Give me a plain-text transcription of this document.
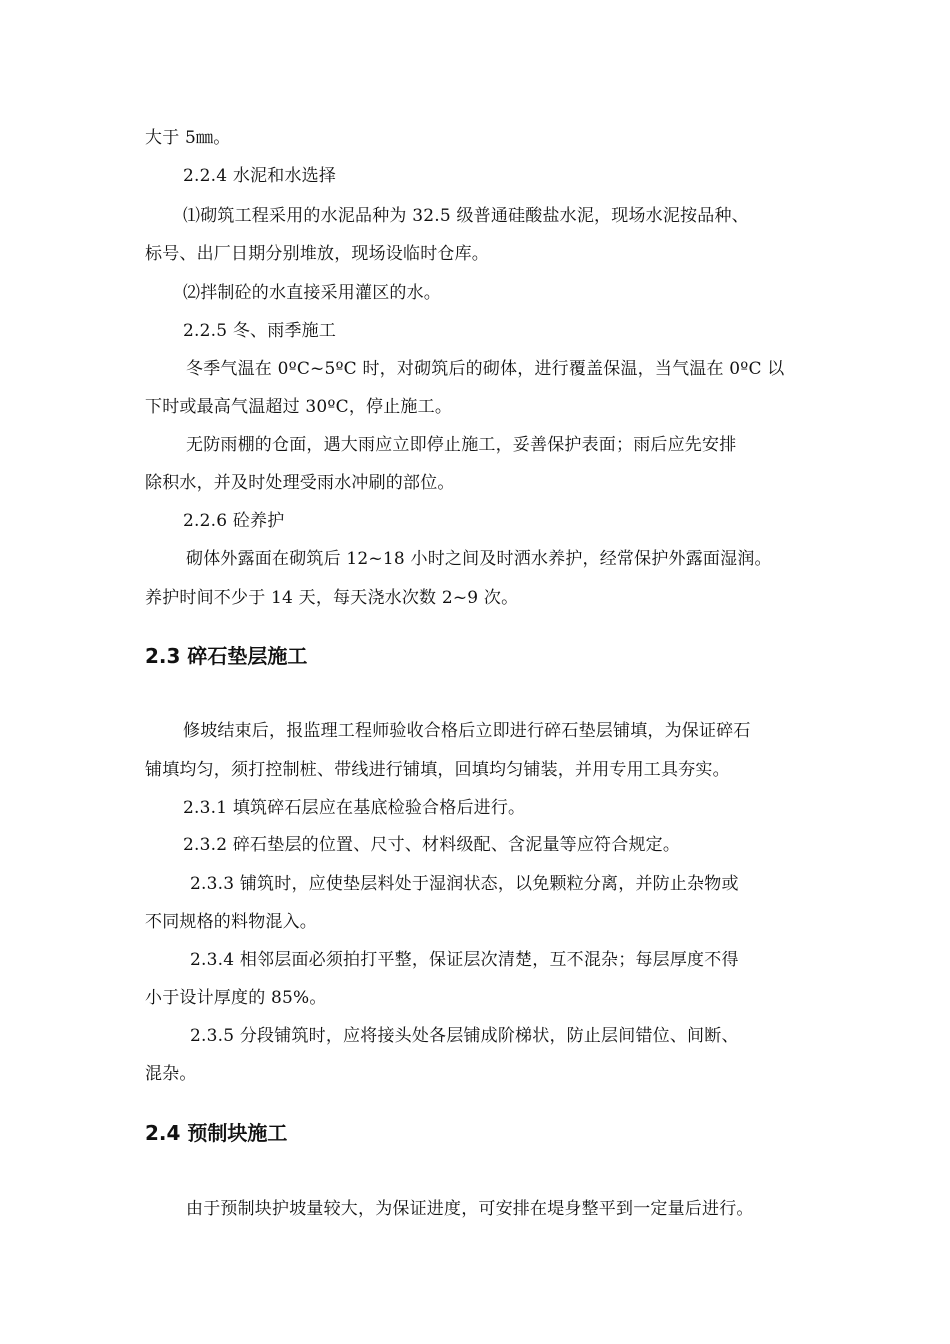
大于 5㎜。
2.2.4 水泥和水选择
⑴砌筑工程采用的水泥品种为 32.5 级普通硅酸盐水泥，现场水泥按品种、
标号、出厂日期分别堆放，现场设临时仓库。
⑵拌制砼的水直接采用灌区的水。
2.2.5 冬、雨季施工
冬季气温在 0ºC~5ºC 时，对砌筑后的砌体，进行覆盖保温，当气温在 0ºC 以
下时或最高气温超过 30ºC，停止施工。
无防雨棚的仓面，遇大雨应立即停止施工，妥善保护表面；雨后应先安排
除积水，并及时处理受雨水冲刷的部位。
2.2.6 砼养护
砌体外露面在砌筑后 12~18 小时之间及时洒水养护，经常保护外露面湿润。
养护时间不少于 14 天，每天浇水次数 2~9 次。
2.3 碎石垫层施工
修坡结束后，报监理工程师验收合格后立即进行碎石垫层铺填，为保证碎石
铺填均匀，须打控制桩、带线进行铺填，回填均匀铺装，并用专用工具夯实。
2.3.1 填筑碎石层应在基底检验合格后进行。
2.3.2 碎石垫层的位置、尺寸、材料级配、含泥量等应符合规定。
2.3.3 铺筑时，应使垫层料处于湿润状态，以免颗粒分离，并防止杂物或
不同规格的料物混入。
2.3.4 相邻层面必须拍打平整，保证层次清楚，互不混杂；每层厚度不得
小于设计厚度的 85%。
2.3.5 分段铺筑时，应将接头处各层铺成阶梯状，防止层间错位、间断、
混杂。
2.4 预制块施工
由于预制块护坡量较大，为保证进度，可安排在堤身整平到一定量后进行。
